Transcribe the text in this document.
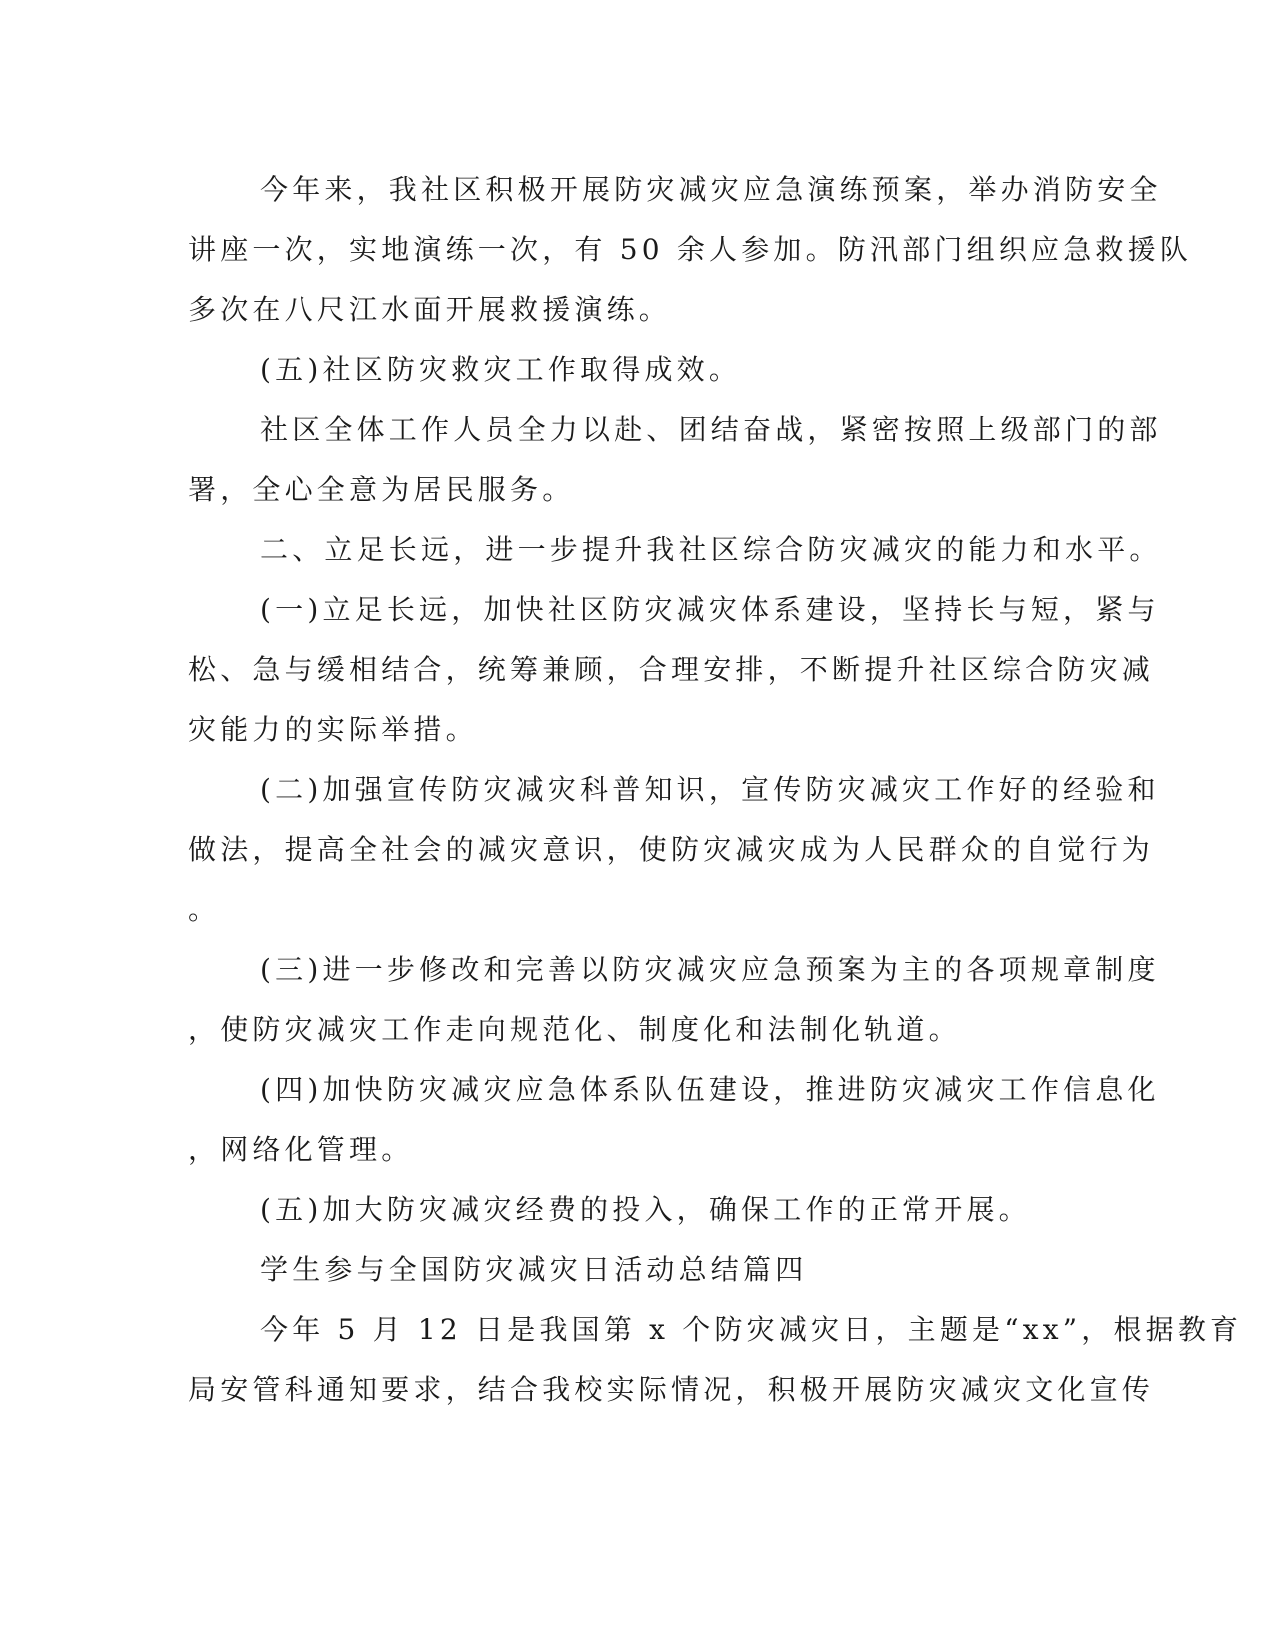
今年来，我社区积极开展防灾减灾应急演练预案，举办消防安全
讲座一次，实地演练一次，有 50 余人参加。防汛部门组织应急救援队
多次在八尺江水面开展救援演练。
(五)社区防灾救灾工作取得成效。
社区全体工作人员全力以赴、团结奋战，紧密按照上级部门的部
署，全心全意为居民服务。
二、立足长远，进一步提升我社区综合防灾减灾的能力和水平。
(一)立足长远，加快社区防灾减灾体系建设，坚持长与短，紧与
松、急与缓相结合，统筹兼顾，合理安排，不断提升社区综合防灾减
灾能力的实际举措。
(二)加强宣传防灾减灾科普知识，宣传防灾减灾工作好的经验和
做法，提高全社会的减灾意识，使防灾减灾成为人民群众的自觉行为
。
(三)进一步修改和完善以防灾减灾应急预案为主的各项规章制度
，使防灾减灾工作走向规范化、制度化和法制化轨道。
(四)加快防灾减灾应急体系队伍建设，推进防灾减灾工作信息化
，网络化管理。
(五)加大防灾减灾经费的投入，确保工作的正常开展。
学生参与全国防灾减灾日活动总结篇四
今年 5 月 12 日是我国第 x 个防灾减灾日，主题是“xx”，根据教育
局安管科通知要求，结合我校实际情况，积极开展防灾减灾文化宣传
